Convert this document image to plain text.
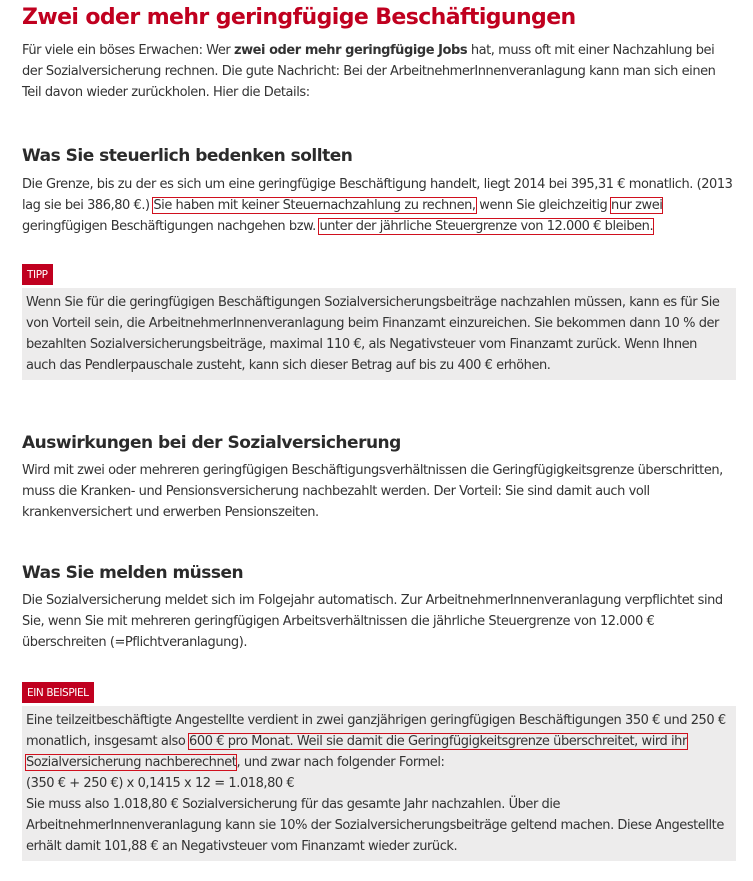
Zwei oder mehr geringfügige Beschäftigungen
Für viele ein böses Erwachen: Wer zwei oder mehr geringfügige Jobs hat, muss oft mit einer Nachzahlung bei der Sozialversicherung rechnen. Die gute Nachricht: Bei der ArbeitnehmerInnenveranlagung kann man sich einen Teil davon wieder zurückholen. Hier die Details:
Was Sie steuerlich bedenken sollten
Die Grenze, bis zu der es sich um eine geringfügige Beschäftigung handelt, liegt 2014 bei 395,31 € monatlich. (2013 lag sie bei 386,80 €.) Sie haben mit keiner Steuernachzahlung zu rechnen, wenn Sie gleichzeitig nur zwei geringfügigen Beschäftigungen nachgehen bzw. unter der jährliche Steuergrenze von 12.000 € bleiben.
TIPP
Wenn Sie für die geringfügigen Beschäftigungen Sozialversicherungsbeiträge nachzahlen müssen, kann es für Sie von Vorteil sein, die ArbeitnehmerInnenveranlagung beim Finanzamt einzureichen. Sie bekommen dann 10 % der bezahlten Sozialversicherungsbeiträge, maximal 110 €, als Negativsteuer vom Finanzamt zurück. Wenn Ihnen auch das Pendlerpauschale zusteht, kann sich dieser Betrag auf bis zu 400 € erhöhen.
Auswirkungen bei der Sozialversicherung
Wird mit zwei oder mehreren geringfügigen Beschäftigungsverhältnissen die Geringfügigkeitsgrenze überschritten, muss die Kranken- und Pensionsversicherung nachbezahlt werden. Der Vorteil: Sie sind damit auch voll krankenversichert und erwerben Pensionszeiten.
Was Sie melden müssen
Die Sozialversicherung meldet sich im Folgejahr automatisch. Zur ArbeitnehmerInnenveranlagung verpflichtet sind Sie, wenn Sie mit mehreren geringfügigen Arbeitsverhältnissen die jährliche Steuergrenze von 12.000 € überschreiten (=Pflichtveranlagung).
EIN BEISPIEL
Eine teilzeitbeschäftigte Angestellte verdient in zwei ganzjährigen geringfügigen Beschäftigungen 350 € und 250 € monatlich, insgesamt also 600 € pro Monat. Weil sie damit die Geringfügigkeitsgrenze überschreitet, wird ihr
Sozialversicherung nachberechnet, und zwar nach folgender Formel:
(350 € + 250 €) x 0,1415 x 12 = 1.018,80 €
Sie muss also 1.018,80 € Sozialversicherung für das gesamte Jahr nachzahlen. Über die ArbeitnehmerInnenveranlagung kann sie 10% der Sozialversicherungsbeiträge geltend machen. Diese Angestellte erhält damit 101,88 € an Negativsteuer vom Finanzamt wieder zurück.
